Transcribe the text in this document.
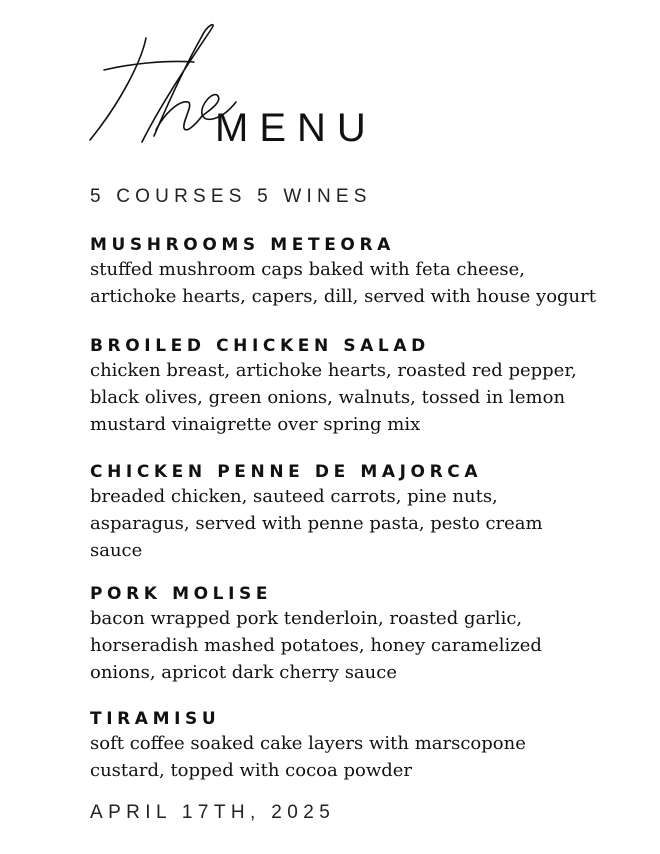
MENU
5 COURSES 5 WINES
MUSHROOMS METEORA
stuffed mushroom caps baked with feta cheese,
artichoke hearts, capers, dill, served with house yogurt
BROILED CHICKEN SALAD
chicken breast, artichoke hearts, roasted red pepper,
black olives, green onions, walnuts, tossed in lemon
mustard vinaigrette over spring mix
CHICKEN PENNE DE MAJORCA
breaded chicken, sauteed carrots, pine nuts,
asparagus, served with penne pasta, pesto cream
sauce
PORK MOLISE
bacon wrapped pork tenderloin, roasted garlic,
horseradish mashed potatoes, honey caramelized
onions, apricot dark cherry sauce
TIRAMISU
soft coffee soaked cake layers with marscopone
custard, topped with cocoa powder
APRIL 17TH, 2025
